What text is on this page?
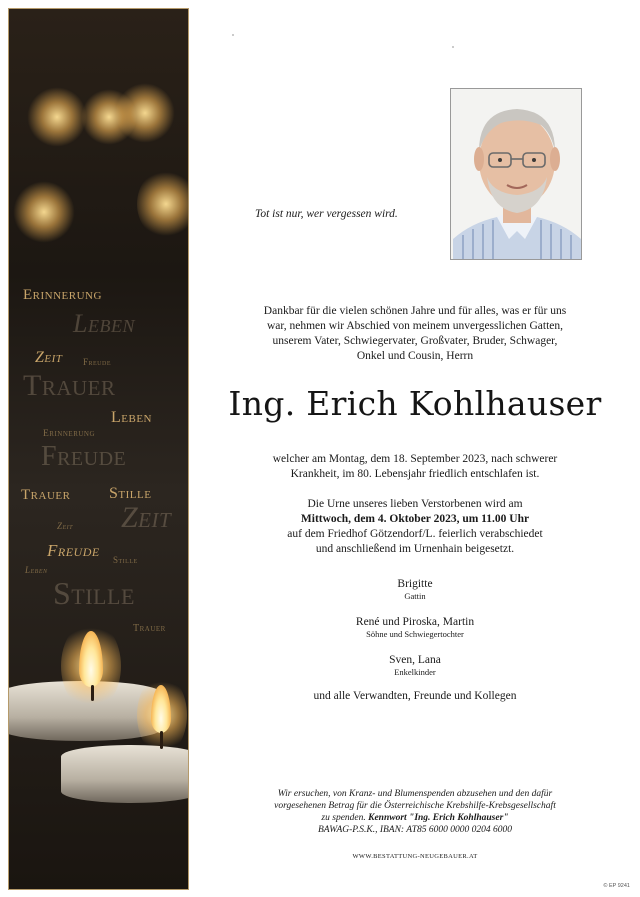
Erinnerung
Leben
Zeit Freude
Trauer
Leben
Erinnerung
Freude
Trauer Stille
Zeit
Zeit
Freude Stille
Leben
Stille
Trauer
Tot ist nur, wer vergessen wird.
Dankbar für die vielen schönen Jahre und für alles, was er für uns
war, nehmen wir Abschied von meinem unvergesslichen Gatten,
unserem Vater, Schwiegervater, Großvater, Bruder, Schwager,
Onkel und Cousin, Herrn
Ing. Erich Kohlhauser
welcher am Montag, dem 18. September 2023, nach schwerer
Krankheit, im 80. Lebensjahr friedlich entschlafen ist.
Die Urne unseres lieben Verstorbenen wird am
Mittwoch, dem 4. Oktober 2023, um 11.00 Uhr
auf dem Friedhof Götzendorf/L. feierlich verabschiedet
und anschließend im Urnenhain beigesetzt.
Brigitte
Gattin
René und Piroska, Martin
Söhne und Schwiegertochter
Sven, Lana
Enkelkinder
und alle Verwandten, Freunde und Kollegen
Wir ersuchen, von Kranz- und Blumenspenden abzusehen und den dafür
vorgesehenen Betrag für die Österreichische Krebshilfe-Krebsgesellschaft
zu spenden. Kennwort "Ing. Erich Kohlhauser"
BAWAG-P.S.K., IBAN: AT85 6000 0000 0204 6000
WWW.BESTATTUNG-NEUGEBAUER.AT
© EP 9241
